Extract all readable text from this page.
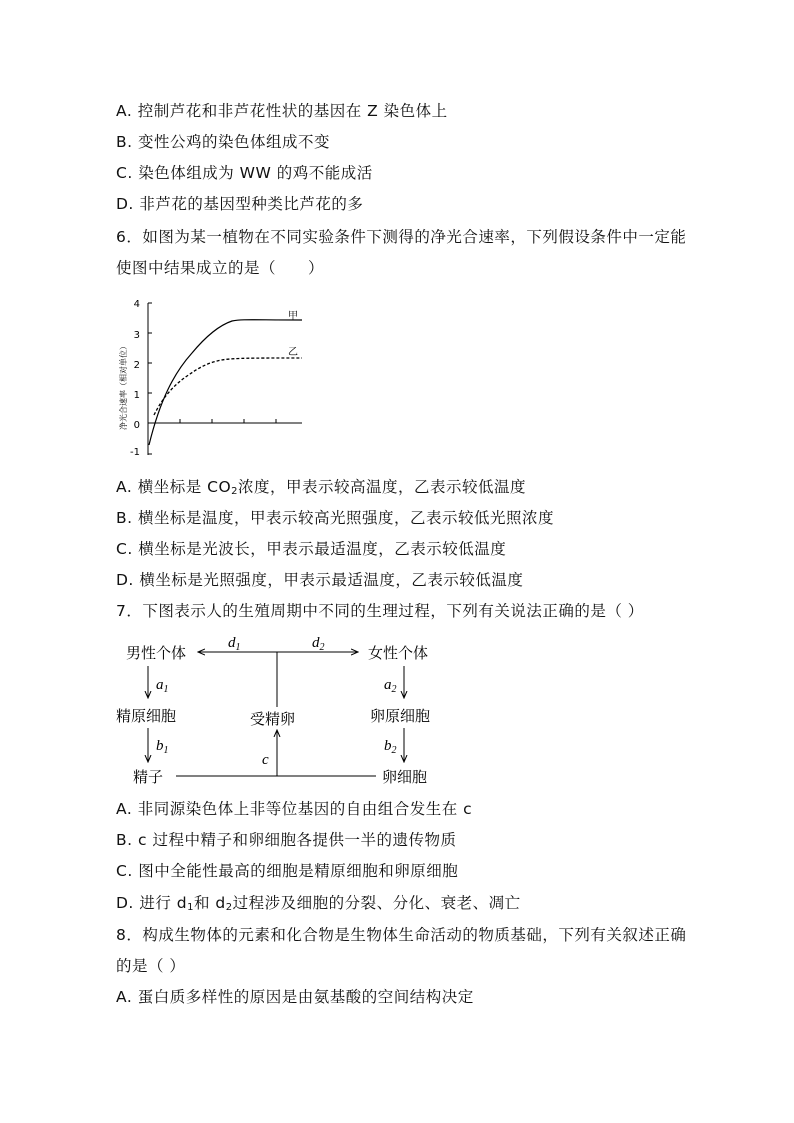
A. 控制芦花和非芦花性状的基因在 Z 染色体上
B. 变性公鸡的染色体组成不变
C. 染色体组成为 WW 的鸡不能成活
D. 非芦花的基因型种类比芦花的多
6．如图为某一植物在不同实验条件下测得的净光合速率，下列假设条件中一定能
使图中结果成立的是（　　）
4
3
2
1
0
-1
净光合速率（相对单位）
甲
乙
A. 横坐标是 $CO_2$浓度，甲表示较高温度，乙表示较低温度
B. 横坐标是温度，甲表示较高光照强度，乙表示较低光照浓度
C. 横坐标是光波长，甲表示最适温度，乙表示较低温度
D. 横坐标是光照强度，甲表示最适温度，乙表示较低温度
7．下图表示人的生殖周期中不同的生理过程，下列有关说法正确的是（ ）
男性个体	女性个体
$d_1$	$d_2$
受精卵
$a_1$
精原细胞
$b_1$
精子
$a_2$
卵原细胞
$b_2$
卵细胞
c
A. 非同源染色体上非等位基因的自由组合发生在 c
B. c 过程中精子和卵细胞各提供一半的遗传物质
C. 图中全能性最高的细胞是精原细胞和卵原细胞
D. 进行 $d_1$和 $d_2$过程涉及细胞的分裂、分化、衰老、凋亡
8．构成生物体的元素和化合物是生物体生命活动的物质基础，下列有关叙述正确
的是（ ）
A. 蛋白质多样性的原因是由氨基酸的空间结构决定
